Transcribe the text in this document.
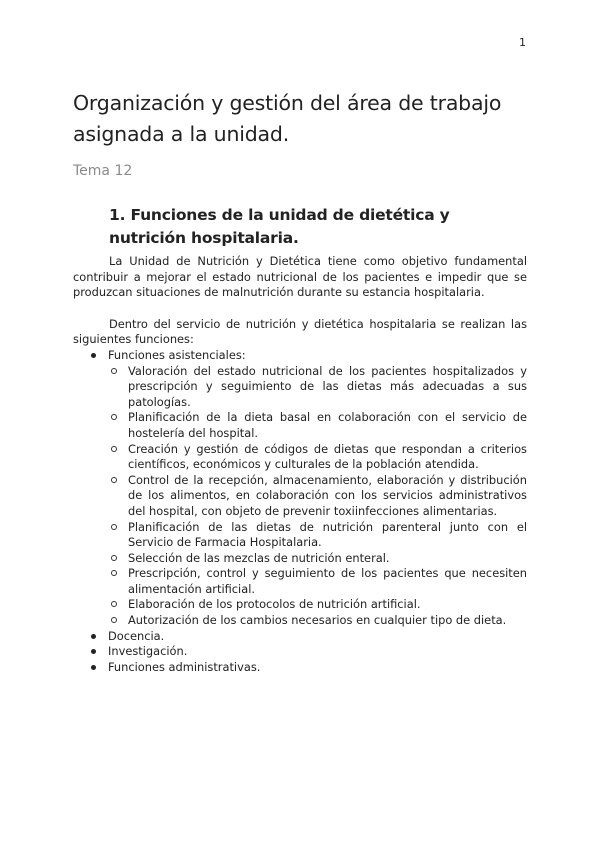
1
Organización y gestión del área de trabajo asignada a la unidad.
Tema 12
1. Funciones de la unidad de dietética y nutrición hospitalaria.

La Unidad de Nutrición y Dietética tiene como objetivo fundamental contribuir a mejorar el estado nutricional de los pacientes e impedir que se produzcan situaciones de malnutrición durante su estancia hospitalaria.

Dentro del servicio de nutrición y dietética hospitalaria se realizan las siguientes funciones:

Funciones asistenciales:
Valoración del estado nutricional de los pacientes hospitalizados y prescripción y seguimiento de las dietas más adecuadas a sus patologías.
Planificación de la dieta basal en colaboración con el servicio de hostelería del hospital.
Creación y gestión de códigos de dietas que respondan a criterios científicos, económicos y culturales de la población atendida.
Control de la recepción, almacenamiento, elaboración y distribución de los alimentos, en colaboración con los servicios administrativos del hospital, con objeto de prevenir toxiinfecciones alimentarias.
Planificación de las dietas de nutrición parenteral junto con el Servicio de Farmacia Hospitalaria.
Selección de las mezclas de nutrición enteral.
Prescripción, control y seguimiento de los pacientes que necesiten alimentación artificial.
Elaboración de los protocolos de nutrición artificial.
Autorización de los cambios necesarios en cualquier tipo de dieta.
Docencia.
Investigación.
Funciones administrativas.
